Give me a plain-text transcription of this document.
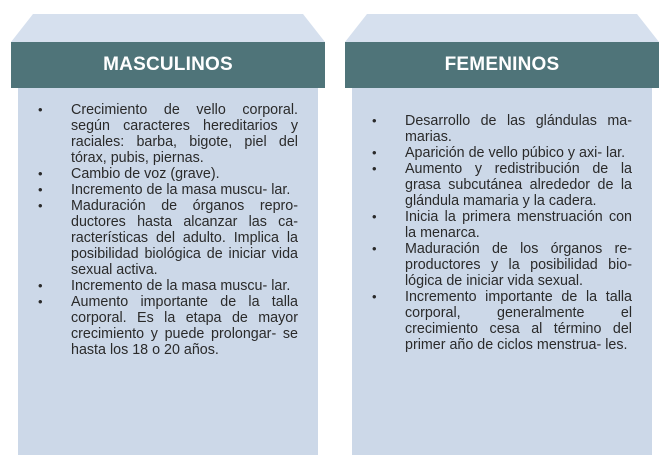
MASCULINOS
• Crecimiento de vello corporal. según caracteres hereditarios y raciales: barba, bigote, piel del tórax, pubis, piernas.
• Cambio de voz (grave).
• Incremento de la masa muscu- lar.
• Maduración de órganos repro- ductores hasta alcanzar las ca- racterísticas del adulto. Implica la posibilidad biológica de iniciar vida sexual activa.
• Incremento de la masa muscu- lar.
• Aumento importante de la talla corporal. Es la etapa de mayor crecimiento y puede prolongar- se hasta los 18 o 20 años.
FEMENINOS
• Desarrollo de las glándulas ma- marias.
• Aparición de vello púbico y axi- lar.
• Aumento y redistribución de la grasa subcutánea alrededor de la glándula mamaria y la cadera.
• Inicia la primera menstruación con la menarca.
• Maduración de los órganos re- productores y la posibilidad bio- lógica de iniciar vida sexual.
• Incremento importante de la talla corporal, generalmente el crecimiento cesa al término del primer año de ciclos menstrua- les.
